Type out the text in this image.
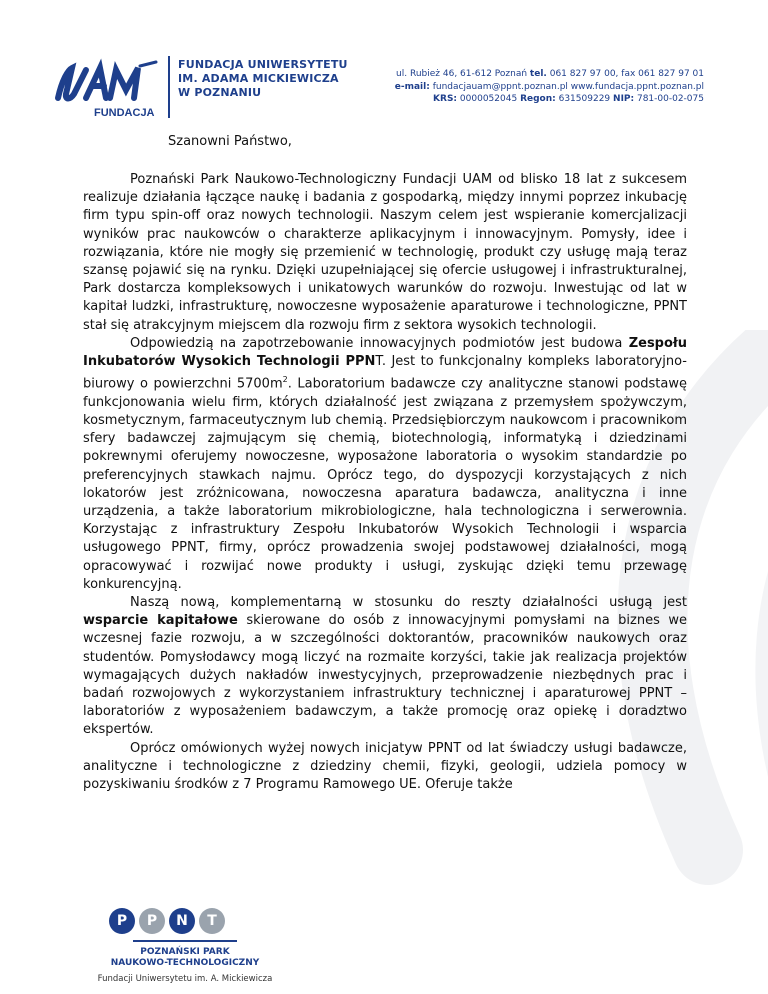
FUNDACJA
FUNDACJA UNIWERSYTETU
IM. ADAMA MICKIEWICZA
W POZNANIU
ul. Rubież 46, 61-612 Poznań tel. 061 827 97 00, fax 061 827 97 01
e-mail: fundacjauam@ppnt.poznan.pl www.fundacja.ppnt.poznan.pl
KRS: 0000052045 Regon: 631509229 NIP: 781-00-02-075
Szanowni Państwo,

Poznański Park Naukowo-Technologiczny Fundacji UAM od blisko 18 lat z sukcesem realizuje działania łączące naukę i badania z gospodarką, między innymi poprzez inkubację firm typu spin-off oraz nowych technologii. Naszym celem jest wspieranie komercjalizacji wyników prac naukowców o charakterze aplikacyjnym i innowacyjnym. Pomysły, idee i rozwiązania, które nie mogły się przemienić w technologię, produkt czy usługę mają teraz szansę pojawić się na rynku. Dzięki uzupełniającej się ofercie usługowej i infrastrukturalnej, Park dostarcza kompleksowych i unikatowych warunków do rozwoju. Inwestując od lat w kapitał ludzki, infrastrukturę, nowoczesne wyposażenie aparaturowe i technologiczne, PPNT stał się atrakcyjnym miejscem dla rozwoju firm z sektora wysokich technologii.

Odpowiedzią na zapotrzebowanie innowacyjnych podmiotów jest budowa Zespołu Inkubatorów Wysokich Technologii PPNT. Jest to funkcjonalny kompleks laboratoryjno-biurowy o powierzchni $5700m^2$. Laboratorium badawcze czy analityczne stanowi podstawę funkcjonowania wielu firm, których działalność jest związana z przemysłem spożywczym, kosmetycznym, farmaceutycznym lub chemią. Przedsiębiorczym naukowcom i pracownikom sfery badawczej zajmującym się chemią, biotechnologią, informatyką i dziedzinami pokrewnymi oferujemy nowoczesne, wyposażone laboratoria o wysokim standardzie po preferencyjnych stawkach najmu. Oprócz tego, do dyspozycji korzystających z nich lokatorów jest zróżnicowana, nowoczesna aparatura badawcza, analityczna i inne urządzenia, a także laboratorium mikrobiologiczne, hala technologiczna i serwerownia. Korzystając z infrastruktury Zespołu Inkubatorów Wysokich Technologii i wsparcia usługowego PPNT, firmy, oprócz prowadzenia swojej podstawowej działalności, mogą opracowywać i rozwijać nowe produkty i usługi, zyskując dzięki temu przewagę konkurencyjną.

Naszą nową, komplementarną w stosunku do reszty działalności usługą jest wsparcie kapitałowe skierowane do osób z innowacyjnymi pomysłami na biznes we wczesnej fazie rozwoju, a w szczególności doktorantów, pracowników naukowych oraz studentów. Pomysłodawcy mogą liczyć na rozmaite korzyści, takie jak realizacja projektów wymagających dużych nakładów inwestycyjnych, przeprowadzenie niezbędnych prac i badań rozwojowych z wykorzystaniem infrastruktury technicznej i aparaturowej PPNT – laboratoriów z wyposażeniem badawczym, a także promocję oraz opiekę i doradztwo ekspertów.

Oprócz omówionych wyżej nowych inicjatyw PPNT od lat świadczy usługi badawcze, analityczne i technologiczne z dziedziny chemii, fizyki, geologii, udziela pomocy w pozyskiwaniu środków z 7 Programu Ramowego UE. Oferuje także

P	P	N	T
POZNAŃSKI PARK
NAUKOWO-TECHNOLOGICZNY
Fundacji Uniwersytetu im. A. Mickiewicza
